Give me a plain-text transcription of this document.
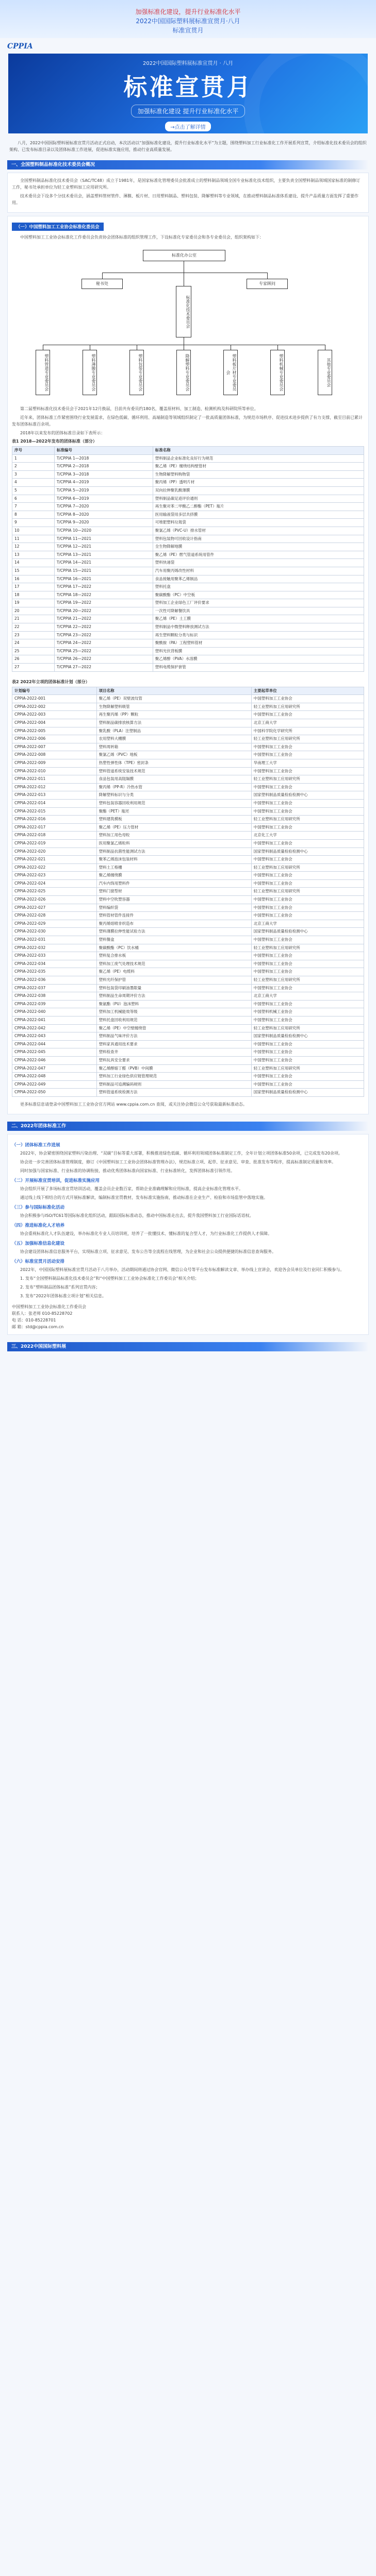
加强标准化建设，提升行业标准化水平
2022中国国际塑料展标准宣贯月·八月
标准宣贯月
CPPIA
2022中国国际塑料展标准宣贯月 · 八月
标准宣贯月
加强标准化建设 提升行业标准化水平
→点击了解详情

八月，2022中国国际塑料展标准宣贯月活动正式启动，本次活动以“加强标准化建设，提升行业标准化水平”为主题，围绕塑料加工行业标准化工作开展系列宣贯，介绍标准化技术委员会的组织架构、已发布标准目录以及团体标准工作进展，促进标准实施应用，推动行业高质量发展。

一、全国塑料制品标准化技术委员会概况

全国塑料制品标准化技术委员会（SAC/TC48）成立于1981年，是国家标准化管理委员会批准成立的塑料制品领域全国专业标准化技术组织，主要负责全国塑料制品领域国家标准的制修订工作，秘书处承担单位为轻工业塑料加工应用研究所。

技术委员会下设多个分技术委员会，涵盖塑料管材管件、薄膜、板片材、日用塑料制品、塑料包装、降解塑料等专业领域，在推动塑料制品标准体系建设、提升产品质量方面发挥了重要作用。

（一）中国塑料加工工业协会标准化委员会

中国塑料加工工业协会标准化工作委员会负责协会团体标准的组织管理工作，下设标准化专家委员会和各专业委员会，组织架构如下：

标准化办公室
秘书处	专家顾问
标准化技术委员会
塑料管道专业委员会	塑料薄膜专业委员会	塑料包装专业委员会	降解塑料专业委员会	塑料板片材专业委员会	塑料机械专业委员会	其他专业委员会

第二届塑料标准化技术委员会于2021年12月换届，目前共有委员约180名，覆盖原材料、加工制造、检测机构及科研院所等单位。

近年来，团体标准工作紧密围绕行业发展需求，在绿色低碳、循环利用、高端制造等领域组织制定了一批高质量团体标准，为规范市场秩序、促进技术进步提供了有力支撑，截至目前已累计发布团体标准百余项。

2018年以来发布的团体标准目录如下表所示：

表1 2018—2022年发布的团体标准（部分）
序号	标准编号	标准名称
1	T/CPPIA 1—2018	塑料制品企业标准化良好行为规范
2	T/CPPIA 2—2018	聚乙烯（PE）缠绕结构壁管材
3	T/CPPIA 3—2018	生物降解塑料购物袋
4	T/CPPIA 4—2019	聚丙烯（PP）透明片材
5	T/CPPIA 5—2019	双向拉伸聚乳酸薄膜
6	T/CPPIA 6—2019	塑料制品碳足迹评价通则
7	T/CPPIA 7—2020	再生聚对苯二甲酸乙二醇酯（PET）瓶片
8	T/CPPIA 8—2020	医用输液袋用多层共挤膜
9	T/CPPIA 9—2020	可堆肥塑料垃圾袋
10	T/CPPIA 10—2020	聚氯乙烯（PVC-U）排水管材
11	T/CPPIA 11—2021	塑料包装物可回收设计指南
12	T/CPPIA 12—2021	全生物降解地膜
13	T/CPPIA 13—2021	聚乙烯（PE）燃气管道系统用管件
14	T/CPPIA 14—2021	塑料快递袋
15	T/CPPIA 15—2021	汽车用聚丙烯改性材料
16	T/CPPIA 16—2021	食品接触用聚苯乙烯制品
17	T/CPPIA 17—2022	塑料托盘
18	T/CPPIA 18—2022	聚碳酸酯（PC）中空板
19	T/CPPIA 19—2022	塑料加工企业绿色工厂评价要求
20	T/CPPIA 20—2022	一次性可降解餐饮具
21	T/CPPIA 21—2022	聚乙烯（PE）土工膜
22	T/CPPIA 22—2022	塑料制品中微塑料释放测试方法
23	T/CPPIA 23—2022	再生塑料颗粒分类与标识
24	T/CPPIA 24—2022	聚酰胺（PA）工程塑料管材
25	T/CPPIA 25—2022	塑料光伏背板膜
26	T/CPPIA 26—2022	聚乙烯醇（PVA）水溶膜
27	T/CPPIA 27—2022	塑料电缆保护套管
表2 2022年立项的团体标准计划（部分）
计划编号	项目名称	主要起草单位
CPPIA-2022-001	聚乙烯（PE）双壁波纹管	中国塑料加工工业协会
CPPIA-2022-002	生物降解塑料吸管	轻工业塑料加工应用研究所
CPPIA-2022-003	再生聚丙烯（PP）颗粒	中国塑料加工工业协会
CPPIA-2022-004	塑料制品碳排放核算方法	北京工商大学
CPPIA-2022-005	聚乳酸（PLA）注塑制品	中国科学院化学研究所
CPPIA-2022-006	农用塑料大棚膜	轻工业塑料加工应用研究所
CPPIA-2022-007	塑料周转箱	中国塑料加工工业协会
CPPIA-2022-008	聚氯乙烯（PVC）地板	中国塑料加工工业协会
CPPIA-2022-009	热塑性弹性体（TPE）密封条	华南理工大学
CPPIA-2022-010	塑料管道系统安装技术规范	中国塑料加工工业协会
CPPIA-2022-011	食品包装用高阻隔膜	轻工业塑料加工应用研究所
CPPIA-2022-012	聚丙烯（PP-R）冷热水管	中国塑料加工工业协会
CPPIA-2022-013	降解塑料标识与分类	国家塑料制品质量检验检测中心
CPPIA-2022-014	塑料包装容器回收利用规范	中国塑料加工工业协会
CPPIA-2022-015	聚酯（PET）瓶坯	中国塑料加工工业协会
CPPIA-2022-016	塑料建筑模板	轻工业塑料加工应用研究所
CPPIA-2022-017	聚乙烯（PE）压力管材	中国塑料加工工业协会
CPPIA-2022-018	塑料加工用色母粒	北京化工大学
CPPIA-2022-019	医用聚氯乙烯粒料	中国塑料加工工业协会
CPPIA-2022-020	塑料制品抗菌性能测试方法	国家塑料制品质量检验检测中心
CPPIA-2022-021	聚苯乙烯泡沫包装材料	中国塑料加工工业协会
CPPIA-2022-022	塑料土工格栅	轻工业塑料加工应用研究所
CPPIA-2022-023	聚乙烯缠绕膜	中国塑料加工工业协会
CPPIA-2022-024	汽车内饰用塑料件	中国塑料加工工业协会
CPPIA-2022-025	塑料门窗型材	轻工业塑料加工应用研究所
CPPIA-2022-026	塑料中空吹塑容器	中国塑料加工工业协会
CPPIA-2022-027	塑料编织袋	中国塑料加工工业协会
CPPIA-2022-028	塑料管材管件连接件	中国塑料加工工业协会
CPPIA-2022-029	聚丙烯熔喷非织造布	北京工商大学
CPPIA-2022-030	塑料薄膜拉伸性能试验方法	国家塑料制品质量检验检测中心
CPPIA-2022-031	塑料餐盒	中国塑料加工工业协会
CPPIA-2022-032	聚碳酸酯（PC）饮水桶	轻工业塑料加工应用研究所
CPPIA-2022-033	塑料复合排水板	中国塑料加工工业协会
CPPIA-2022-034	塑料加工废气处理技术规范	中国塑料加工工业协会
CPPIA-2022-035	聚乙烯（PE）电缆料	中国塑料加工工业协会
CPPIA-2022-036	塑料光纤保护管	轻工业塑料加工应用研究所
CPPIA-2022-037	塑料包装袋印刷油墨限量	中国塑料加工工业协会
CPPIA-2022-038	塑料制品生命周期评价方法	北京工商大学
CPPIA-2022-039	聚氨酯（PU）泡沫塑料	中国塑料加工工业协会
CPPIA-2022-040	塑料加工机械能效等级	中国塑料机械工业协会
CPPIA-2022-041	塑料托盘回收利用规范	中国塑料加工工业协会
CPPIA-2022-042	聚乙烯（PE）中空壁缠绕管	轻工业塑料加工应用研究所
CPPIA-2022-043	塑料制品气味评价方法	国家塑料制品质量检验检测中心
CPPIA-2022-044	塑料家具通用技术要求	中国塑料加工工业协会
CPPIA-2022-045	塑料检查井	中国塑料加工工业协会
CPPIA-2022-046	塑料玩具安全要求	中国塑料加工工业协会
CPPIA-2022-047	聚乙烯醇缩丁醛（PVB）中间膜	轻工业塑料加工应用研究所
CPPIA-2022-048	塑料加工行业绿色供应链管理规范	中国塑料加工工业协会
CPPIA-2022-049	塑料制品可追溯编码规则	中国塑料加工工业协会
CPPIA-2022-050	塑料管道系统检测方法	国家塑料制品质量检验检测中心

更多标准信息请登录中国塑料加工工业协会官方网站 www.cppia.com.cn 查阅，或关注协会微信公众号获取最新标准动态。

二、2022年团体标准工作
（一）团体标准工作进展

2022年，协会紧密围绕国家塑料污染治理、“双碳”目标等重大部署，积极推进绿色低碳、循环利用领域团体标准制定工作，全年计划立项团体标准50余项，已完成发布20余项。

协会进一步完善团体标准管理制度，修订《中国塑料加工工业协会团体标准管理办法》，规范标准立项、起草、征求意见、审查、批准发布等程序，提高标准制定质量和效率。

同时加强与国家标准、行业标准的协调衔接，推动优秀团体标准向国家标准、行业标准转化，发挥团体标准引领作用。

（二）开展标准宣贯培训，促进标准实施应用

协会组织开展了多场标准宣贯培训活动，覆盖会员企业数百家，帮助企业准确理解和应用标准，提高企业标准化管理水平。

通过线上线下相结合的方式开展标准解读，编制标准宣贯教材，发布标准实施指南，推动标准在企业生产、检验和市场监管中落地实施。

（三）参与国际标准化活动

协会积极参与ISO/TC61等国际标准化组织活动，跟踪国际标准动态，推动中国标准走出去，提升我国塑料加工行业国际话语权。

（四）推进标准化人才培养

协会重视标准化人才队伍建设，举办标准化专业人员培训班，培养了一批懂技术、懂标准的复合型人才，为行业标准化工作提供人才保障。

（五）加强标准信息化建设

协会建设团体标准信息服务平台，实现标准立项、征求意见、发布公告等全流程在线管理，为企业和社会公众提供便捷的标准信息查询服务。

（六）标准宣贯月活动安排

2022年，中国国际塑料展标准宣贯月活动于八月举办，活动期间将通过协会官网、微信公众号等平台发布标准解读文章、举办线上宣讲会，欢迎各会员单位及行业同仁积极参与。

1. 发布“全国塑料制品标准化技术委员会”和“中国塑料加工工业协会标准化工作委员会”相关介绍；

2. 发布“塑料制品团体标准”系列宣贯内容；

3. 发布“2022年团体标准立项计划”相关信息。

中国塑料加工工业协会标准化工作委员会
联系人：张老师 010-85228702
电 话：010-85228701
邮 箱：std@cppia.com.cn
三、2022中国国际塑料展
